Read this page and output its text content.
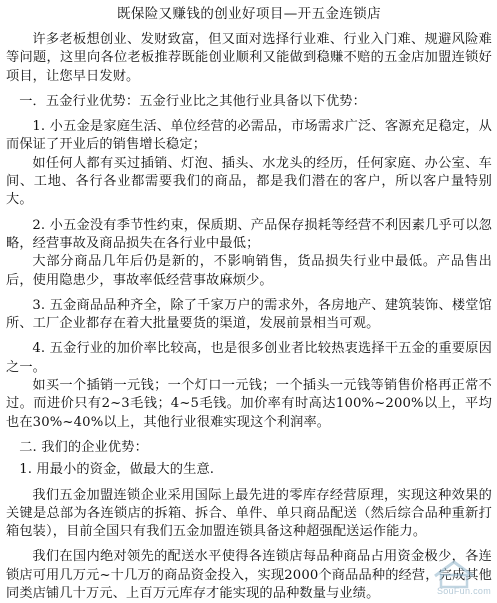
既保险又赚钱的创业好项目—开五金连锁店

许多老板想创业、发财致富，但又面对选择行业难、行业入门难、规避风险难等问题，这里向各位老板推荐既能创业顺利又能做到稳赚不赔的五金店加盟连锁好项目，让您早日发财。

一．五金行业优势：五金行业比之其他行业具备以下优势：

1. 小五金是家庭生活、单位经营的必需品，市场需求广泛、客源充足稳定，从而保证了开业后的销售增长稳定；

如任何人都有买过插销、灯泡、插头、水龙头的经历，任何家庭、办公室、车间、工地、各行各业都需要我们的商品，都是我们潜在的客户，所以客户量特别大。

2. 小五金没有季节性约束，保质期、产品保存损耗等经营不利因素几乎可以忽略，经营事故及商品损失在各行业中最低；

大部分商品几年后仍是新的，不影响销售，货品损失行业中最低。产品售出后，使用隐患少，事故率低经营事故麻烦少。

3. 五金商品品种齐全，除了千家万户的需求外，各房地产、建筑装饰、楼堂馆所、工厂企业都存在着大批量要货的渠道，发展前景相当可观。

4. 五金行业的加价率比较高，也是很多创业者比较热衷选择干五金的重要原因之一。

如买一个插销一元钱；一个灯口一元钱；一个插头一元钱等销售价格再正常不过。而进价只有2~3毛钱；4~5毛钱。加价率有时高达100%~200%以上，平均也在30%~40%以上，其他行业很难实现这个利润率。

二. 我们的企业优势：

1. 用最小的资金，做最大的生意.

我们五金加盟连锁企业采用国际上最先进的零库存经营原理，实现这种效果的关键是总部为各连锁店的拆箱、拆合、单件、单只商品配送（然后综合品种重新打箱包装），目前全国只有我们五金加盟连锁具备这种超强配送运作能力。

我们在国内绝对领先的配送水平使得各连锁店每品种商品占用资金极少，各连锁店可用几万元~十几万的商品资金投入，实现2000个商品品种的经营，完成其他同类店铺几十万元、上百万元库存才能实现的品种数量与业绩。	SouFun.com
